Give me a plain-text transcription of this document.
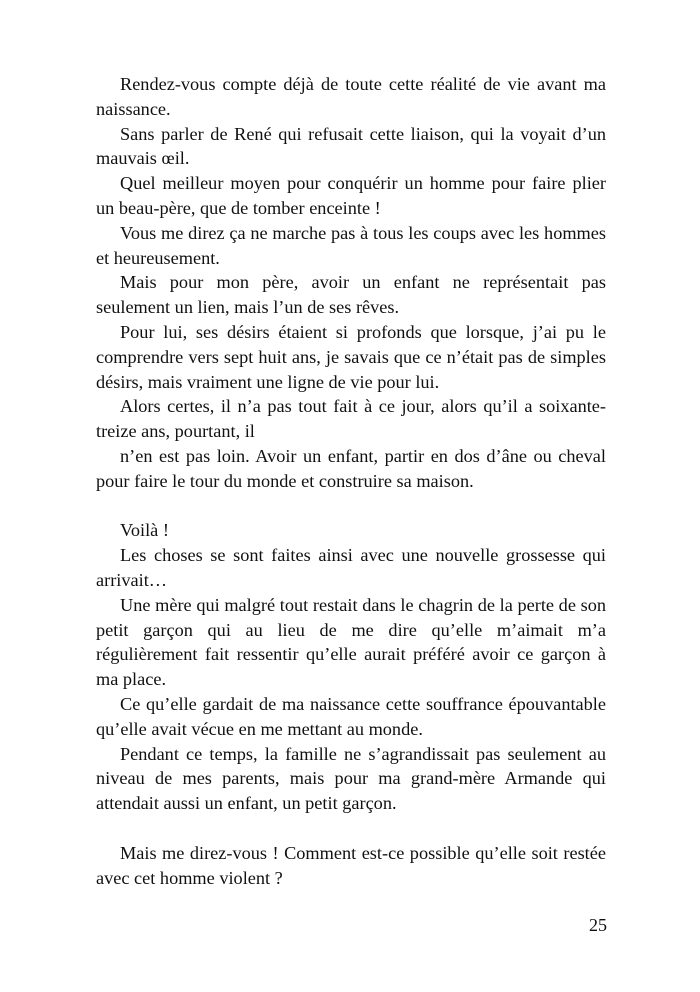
Rendez-vous compte déjà de toute cette réalité de vie avant ma naissance.

Sans parler de René qui refusait cette liaison, qui la voyait d’un mauvais œil.

Quel meilleur moyen pour conquérir un homme pour faire plier un beau-père, que de tomber enceinte !

Vous me direz ça ne marche pas à tous les coups avec les hommes et heureusement.

Mais pour mon père, avoir un enfant ne représentait pas seulement un lien, mais l’un de ses rêves.

Pour lui, ses désirs étaient si profonds que lorsque, j’ai pu le comprendre vers sept huit ans, je savais que ce n’était pas de simples désirs, mais vraiment une ligne de vie pour lui.

Alors certes, il n’a pas tout fait à ce jour, alors qu’il a soixante-treize ans, pourtant, il

n’en est pas loin. Avoir un enfant, partir en dos d’âne ou cheval pour faire le tour du monde et construire sa maison.

Voilà !

Les choses se sont faites ainsi avec une nouvelle grossesse qui arrivait…

Une mère qui malgré tout restait dans le chagrin de la perte de son petit garçon qui au lieu de me dire qu’elle m’aimait m’a régulièrement fait ressentir qu’elle aurait préféré avoir ce garçon à ma place.

Ce qu’elle gardait de ma naissance cette souffrance épouvantable qu’elle avait vécue en me mettant au monde.

Pendant ce temps, la famille ne s’agrandissait pas seulement au niveau de mes parents, mais pour ma grand-mère Armande qui attendait aussi un enfant, un petit garçon.

Mais me direz-vous ! Comment est-ce possible qu’elle soit restée avec cet homme violent ?

25
